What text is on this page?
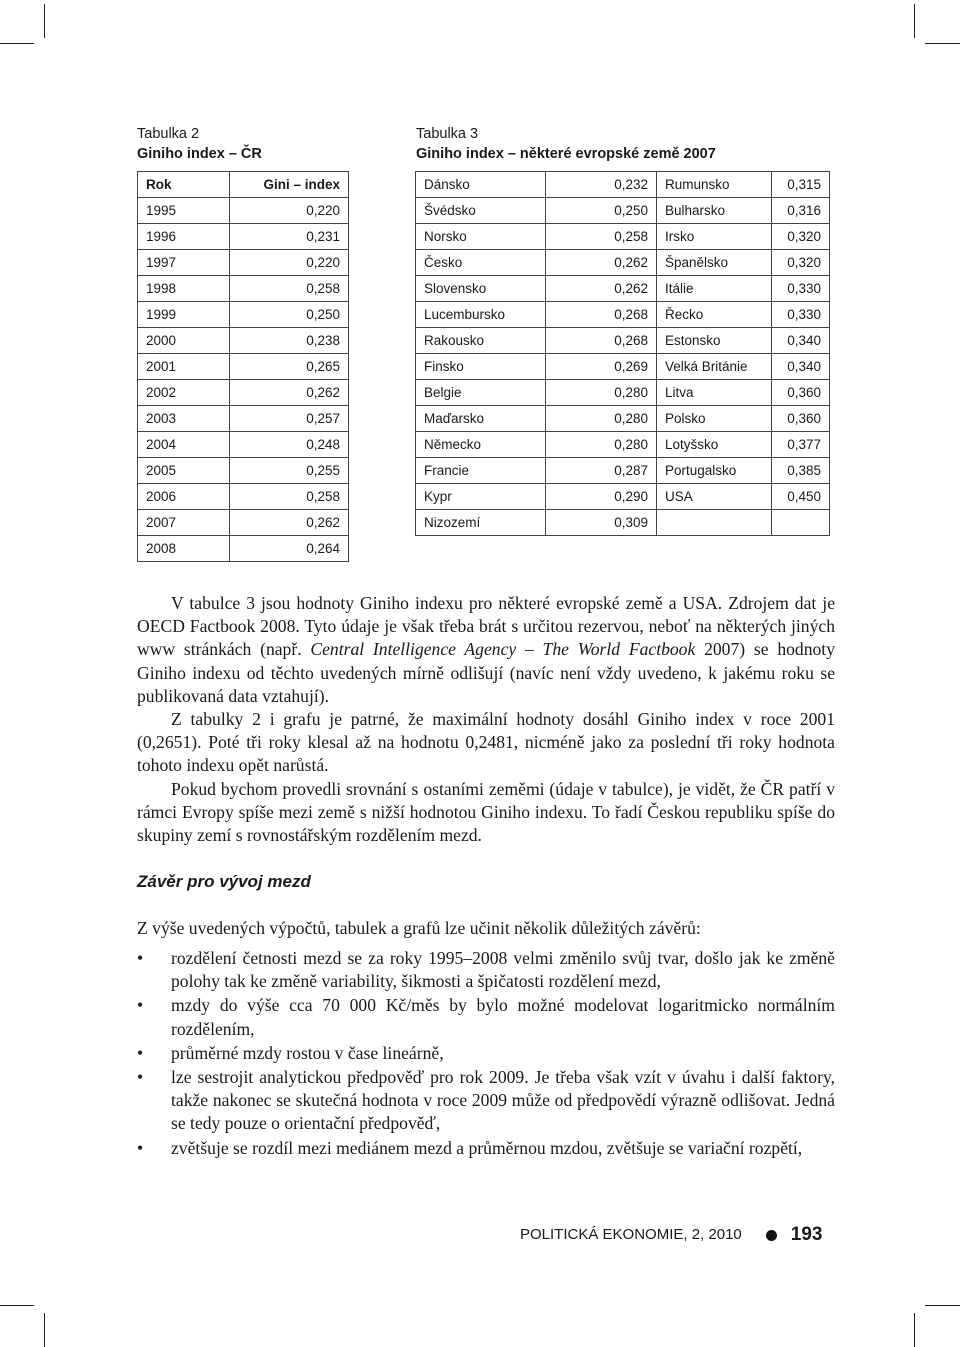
Tabulka 2
Giniho index – ČR
Tabulka 3
Giniho index – některé evropské země 2007
Rok	Gini – index
1995	0,220
1996	0,231
1997	0,220
1998	0,258
1999	0,250
2000	0,238
2001	0,265
2002	0,262
2003	0,257
2004	0,248
2005	0,255
2006	0,258
2007	0,262
2008	0,264
Dánsko	0,232	Rumunsko	0,315
Švédsko	0,250	Bulharsko	0,316
Norsko	0,258	Irsko	0,320
Česko	0,262	Španělsko	0,320
Slovensko	0,262	Itálie	0,330
Lucembursko	0,268	Řecko	0,330
Rakousko	0,268	Estonsko	0,340
Finsko	0,269	Velká Británie	0,340
Belgie	0,280	Litva	0,360
Maďarsko	0,280	Polsko	0,360
Německo	0,280	Lotyšsko	0,377
Francie	0,287	Portugalsko	0,385
Kypr	0,290	USA	0,450
Nizozemí	0,309		

V tabulce 3 jsou hodnoty Giniho indexu pro některé evropské země a USA. Zdrojem dat je OECD Factbook 2008. Tyto údaje je však třeba brát s určitou rezervou, neboť na některých jiných www stránkách (např. Central Intelligence Agency – The World Factbook 2007) se hodnoty Giniho indexu od těchto uvedených mírně odlišují (navíc není vždy uvedeno, k jakému roku se publikovaná data vztahují).

Z tabulky 2 i grafu je patrné, že maximální hodnoty dosáhl Giniho index v roce 2001 (0,2651). Poté tři roky klesal až na hodnotu 0,2481, nicméně jako za poslední tři roky hodnota tohoto indexu opět narůstá.

Pokud bychom provedli srovnání s ostaními zeměmi (údaje v tabulce), je vidět, že ČR patří v rámci Evropy spíše mezi země s nižší hodnotou Giniho indexu. To řadí Českou republiku spíše do skupiny zemí s rovnostářským rozdělením mezd.

Závěr pro vývoj mezd
Z výše uvedených výpočtů, tabulek a grafů lze učinit několik důležitých závěrů:
• rozdělení četnosti mezd se za roky 1995–2008 velmi změnilo svůj tvar, došlo jak ke změně polohy tak ke změně variability, šikmosti a špičatosti rozdělení mezd,
• mzdy do výše cca 70 000 Kč/měs by bylo možné modelovat logaritmicko normálním rozdělením,
• průměrné mzdy rostou v čase lineárně,
• lze sestrojit analytickou předpověď pro rok 2009. Je třeba však vzít v úvahu i další faktory, takže nakonec se skutečná hodnota v roce 2009 může od předpovědí výrazně odlišovat. Jedná se tedy pouze o orientační předpověď,
• zvětšuje se rozdíl mezi mediánem mezd a průměrnou mzdou, zvětšuje se variační rozpětí,
POLITICKÁ EKONOMIE, 2, 2010	193
